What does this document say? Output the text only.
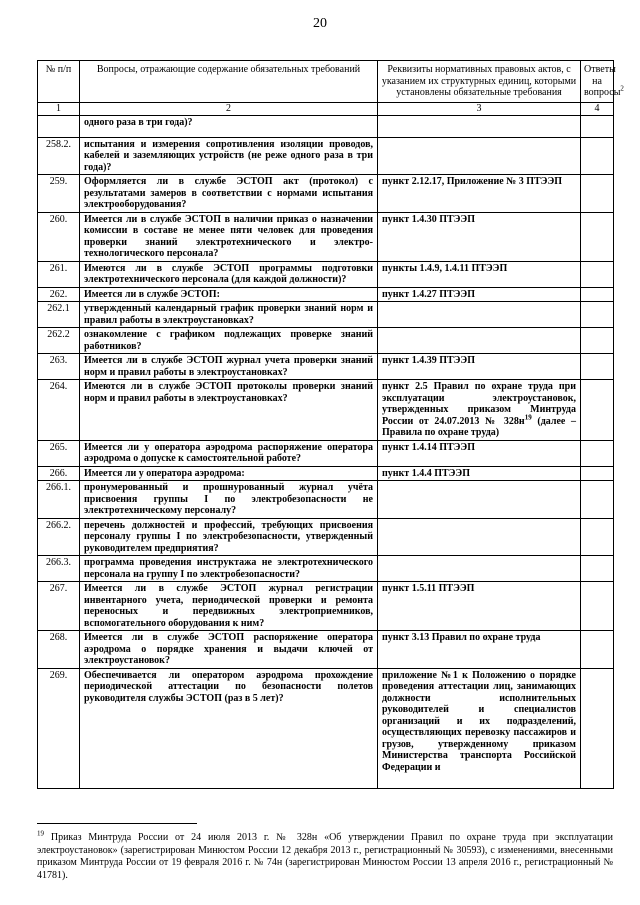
20
№ п/п	Вопросы, отражающие содержание обязательных требований	Реквизиты нормативных правовых актов, с указанием их структурных единиц, которыми установлены обязательные требования	Ответы на вопросы$^2$
1	2	3	4
	одного раза в три года)?		
258.2.	испытания и измерения сопротивления изоляции проводов, кабелей и заземляющих устройств (не реже одного раза в три года)?		
259.	Оформляется ли в службе ЭСТОП акт (протокол) с результатами замеров в соответствии с нормами испытания электрооборудования?	пункт 2.12.17, Приложение № 3 ПТЭЭП	
260.	Имеется ли в службе ЭСТОП в наличии приказ о назначении комиссии в составе не менее пяти человек для проведения проверки знаний электротехнического и электро-технологического персонала?	пункт 1.4.30 ПТЭЭП	
261.	Имеются ли в службе ЭСТОП программы подготовки электротехнического персонала (для каждой должности)?	пункты 1.4.9, 1.4.11 ПТЭЭП	
262.	Имеется ли в службе ЭСТОП:	пункт 1.4.27 ПТЭЭП	
262.1	утвержденный календарный график проверки знаний норм и правил работы в электроустановках?		
262.2	ознакомление с графиком подлежащих проверке знаний работников?		
263.	Имеется ли в службе ЭСТОП журнал учета проверки знаний норм и правил работы в электроустановках?	пункт 1.4.39 ПТЭЭП	
264.	Имеются ли в службе ЭСТОП протоколы проверки знаний норм и правил работы в электроустановках?	пункт 2.5 Правил по охране труда при эксплуатации электроустановок, утвержденных приказом Минтруда России от 24.07.2013 № $328н^{19}$ (далее – Правила по охране труда)	
265.	Имеется ли у оператора аэродрома распоряжение оператора аэродрома о допуске к самостоятельной работе?	пункт 1.4.14 ПТЭЭП	
266.	Имеется ли у оператора аэродрома:	пункт 1.4.4 ПТЭЭП	
266.1.	пронумерованный и прошнурованный журнал учёта присвоения группы I по электробезопасности не электротехническому персоналу?		
266.2.	перечень должностей и профессий, требующих присвоения персоналу группы I по электробезопасности, утвержденный руководителем предприятия?		
266.3.	программа проведения инструктажа не электротехнического персонала на группу I по электробезопасности?		
267.	Имеется ли в службе ЭСТОП журнал регистрации инвентарного учета, периодической проверки и ремонта переносных и передвижных электроприемников, вспомогательного оборудования к ним?	пункт 1.5.11 ПТЭЭП	
268.	Имеется ли в службе ЭСТОП распоряжение оператора аэродрома о порядке хранения и выдачи ключей от электроустановок?	пункт 3.13 Правил по охране труда	
269.	Обеспечивается ли оператором аэродрома прохождение периодической аттестации по безопасности полетов руководителя службы ЭСТОП (раз в 5 лет)?	приложение №1 к Положению о порядке проведения аттестации лиц, занимающих должности исполнительных руководителей и специалистов организаций и их подразделений, осуществляющих перевозку пассажиров и грузов, утвержденному приказом Министерства транспорта Российской Федерации и	
$^{19}$ Приказ Минтруда России от 24 июля 2013 г. № 328н «Об утверждении Правил по охране труда при эксплуатации электроустановок» (зарегистрирован Минюстом России 12 декабря 2013 г., регистрационный № 30593), с изменениями, внесенными приказом Минтруда России от 19 февраля 2016 г. № 74н (зарегистрирован Минюстом России 13 апреля 2016 г., регистрационный № 41781).
